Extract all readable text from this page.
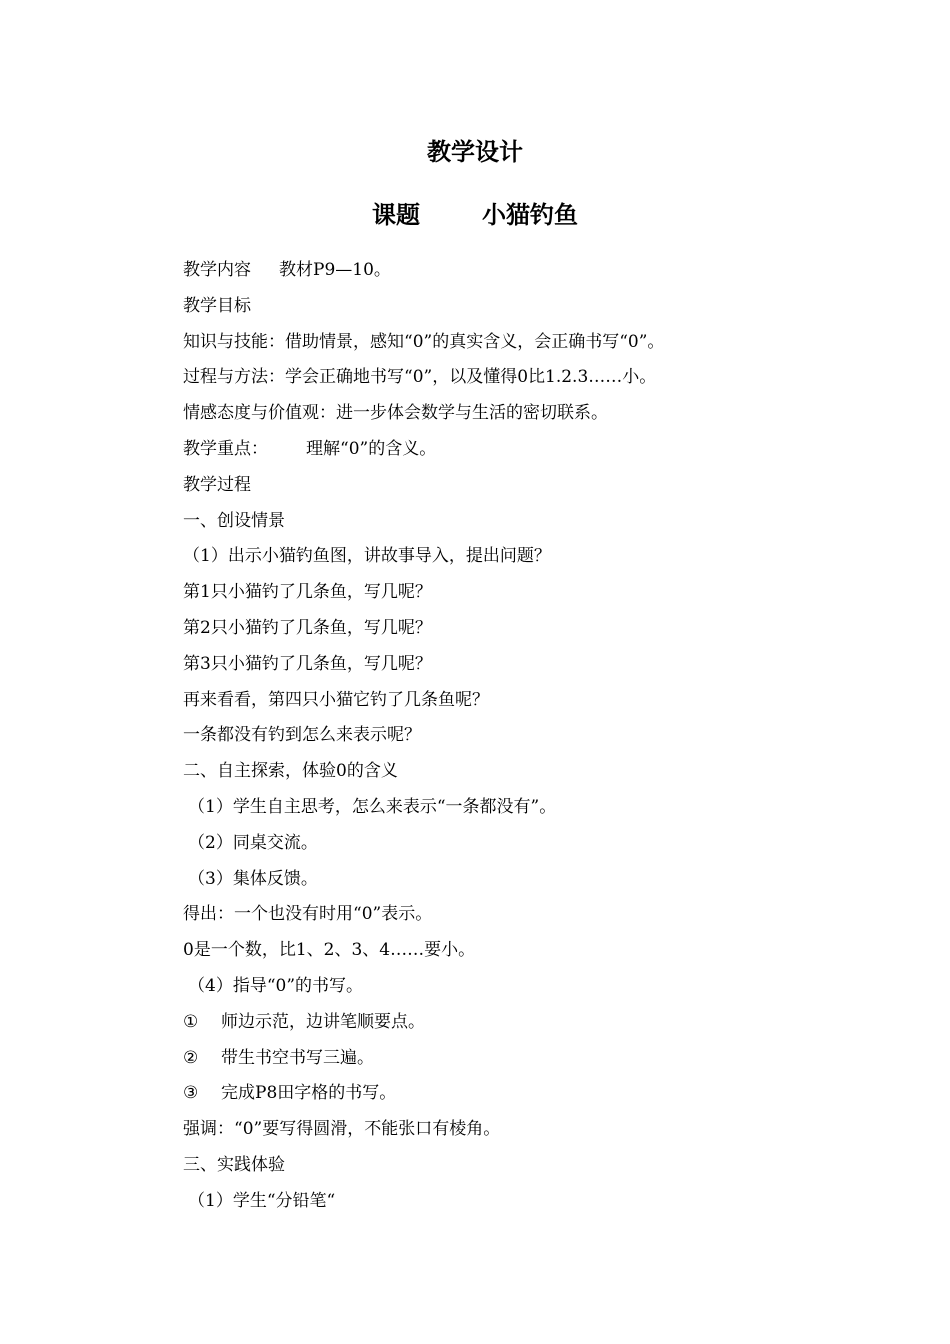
教学设计
课题	小猫钓鱼
教学内容 教材P9—10。
教学目标
知识与技能：借助情景，感知“0”的真实含义，会正确书写“0”。
过程与方法：学会正确地书写“0”，以及懂得0比1.2.3……小。
情感态度与价值观：进一步体会数学与生活的密切联系。
教学重点： 理解“0”的含义。
教学过程
一、创设情景
（1）出示小猫钓鱼图，讲故事导入，提出问题？
第1只小猫钓了几条鱼，写几呢？
第2只小猫钓了几条鱼，写几呢？
第3只小猫钓了几条鱼，写几呢？
再来看看，第四只小猫它钓了几条鱼呢？
一条都没有钓到怎么来表示呢？
二、自主探索，体验0的含义
（1）学生自主思考，怎么来表示“一条都没有”。
（2）同桌交流。
（3）集体反馈。
得出：一个也没有时用“0”表示。
0是一个数，比1、2、3、4……要小。
（4）指导“0”的书写。
① 师边示范，边讲笔顺要点。
② 带生书空书写三遍。
③ 完成P8田字格的书写。
强调：“0”要写得圆滑，不能张口有棱角。
三、实践体验
（1）学生“分铅笔“
